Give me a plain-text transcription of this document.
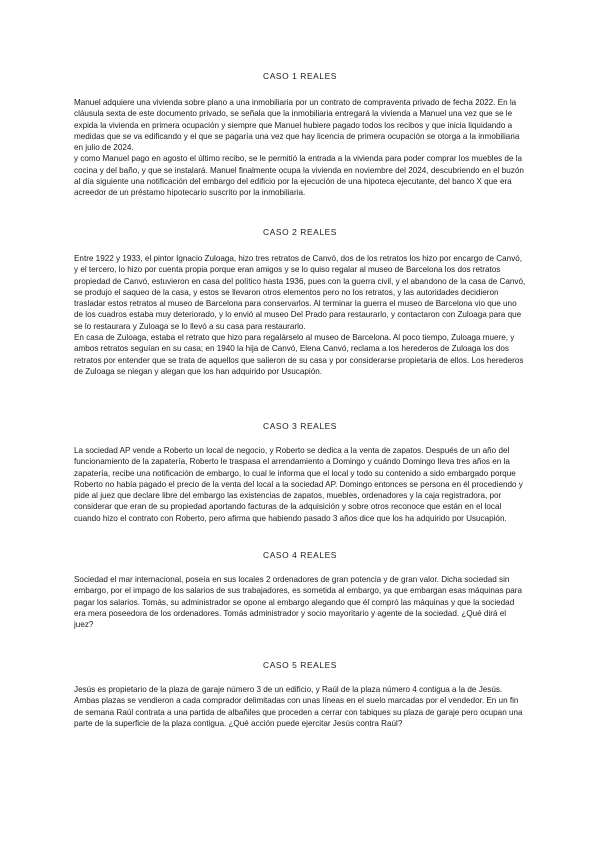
CASO 1 REALES

Manuel adquiere una vivienda sobre plano a una inmobiliaria por un contrato de compraventa privado de fecha 2022. En la cláusula sexta de este documento privado, se señala que la inmobiliaria entregará la vivienda a Manuel una vez que se le expida la vivienda en primera ocupación y siempre que Manuel hubiere pagado todos los recibos y que inicia liquidando a medidas que se va edificando y el que se pagaría una vez que hay licencia de primera ocupación se otorga a la inmobiliaria en julio de 2024.

y como Manuel pago en agosto el último recibo, se le permitió la entrada a la vivienda para poder comprar los muebles de la cocina y del baño, y que se instalará. Manuel finalmente ocupa la vivienda en noviembre del 2024, descubriendo en el buzón al día siguiente una notificación del embargo del edificio por la ejecución de una hipoteca ejecutante, del banco X que era acreedor de un préstamo hipotecario suscrito por la inmobiliaria.

CASO 2 REALES

Entre 1922 y 1933, el pintor Ignacio Zuloaga, hizo tres retratos de Canvó, dos de los retratos los hizo por encargo de Canvó, y el tercero, lo hizo por cuenta propia porque eran amigos y se lo quiso regalar al museo de Barcelona los dos retratos propiedad de Canvó, estuvieron en casa del político hasta 1936, pues con la guerra civil, y el abandono de la casa de Canvó, se produjo el saqueo de la casa, y estos se llevaron otros elementos pero no los retratos, y las autoridades decidieron trasladar estos retratos al museo de Barcelona para conservarlos. Al terminar la guerra el museo de Barcelona vio que uno de los cuadros estaba muy deteriorado, y lo envió al museo Del Prado para restaurarlo, y contactaron con Zuloaga para que se lo restaurara y Zuloaga se lo llevó a su casa para restaurarlo.

En casa de Zuloaga, estaba el retrato que hizo para regalárselo al museo de Barcelona. Al poco tiempo, Zuloaga muere, y ambos retratos seguían en su casa; en 1940 la hija de Canvó, Elena Canvó, reclama a los herederos de Zuloaga los dos retratos por entender que se trata de aquellos que salieron de su casa y por considerarse propietaria de ellos. Los herederos de Zuloaga se niegan y alegan que los han adquirido por Usucapión.

CASO 3 REALES

La sociedad AP vende a Roberto un local de negocio, y Roberto se dedica a la venta de zapatos. Después de un año del funcionamiento de la zapatería, Roberto le traspasa el arrendamiento a Domingo y cuándo Domingo lleva tres años en la zapatería, recibe una notificación de embargo, lo cual le informa que el local y todo su contenido a sido embargado porque Roberto no había pagado el precio de la venta del local a la sociedad AP. Domingo entonces se persona en él procediendo y pide al juez que declare libre del embargo las existencias de zapatos, muebles, ordenadores y la caja registradora, por considerar que eran de su propiedad aportando facturas de la adquisición y sobre otros reconoce que están en el local cuando hizo el contrato con Roberto, pero afirma que habiendo pasado 3 años dice que los ha adquirido por Usucapión.

CASO 4 REALES

Sociedad el mar internacional, poseía en sus locales 2 ordenadores de gran potencia y de gran valor. Dicha sociedad sin embargo, por el impago de los salarios de sus trabajadores, es sometida al embargo, ya que embargan esas máquinas para pagar los salarios. Tomás, su administrador se opone al embargo alegando que él compró las máquinas y que la sociedad era mera poseedora de los ordenadores. Tomás administrador y socio mayoritario y agente de la sociedad. ¿Qué dirá el juez?

CASO 5 REALES

Jesús es propietario de la plaza de garaje número 3 de un edificio, y Raúl de la plaza número 4 contigua a la de Jesús. Ambas plazas se vendieron a cada comprador delimitadas con unas líneas en el suelo marcadas por el vendedor. En un fin de semana Raúl contrata a una partida de albañiles que proceden a cerrar con tabiques su plaza de garaje pero ocupan una parte de la superficie de la plaza contigua. ¿Qué acción puede ejercitar Jesús contra Raúl?
